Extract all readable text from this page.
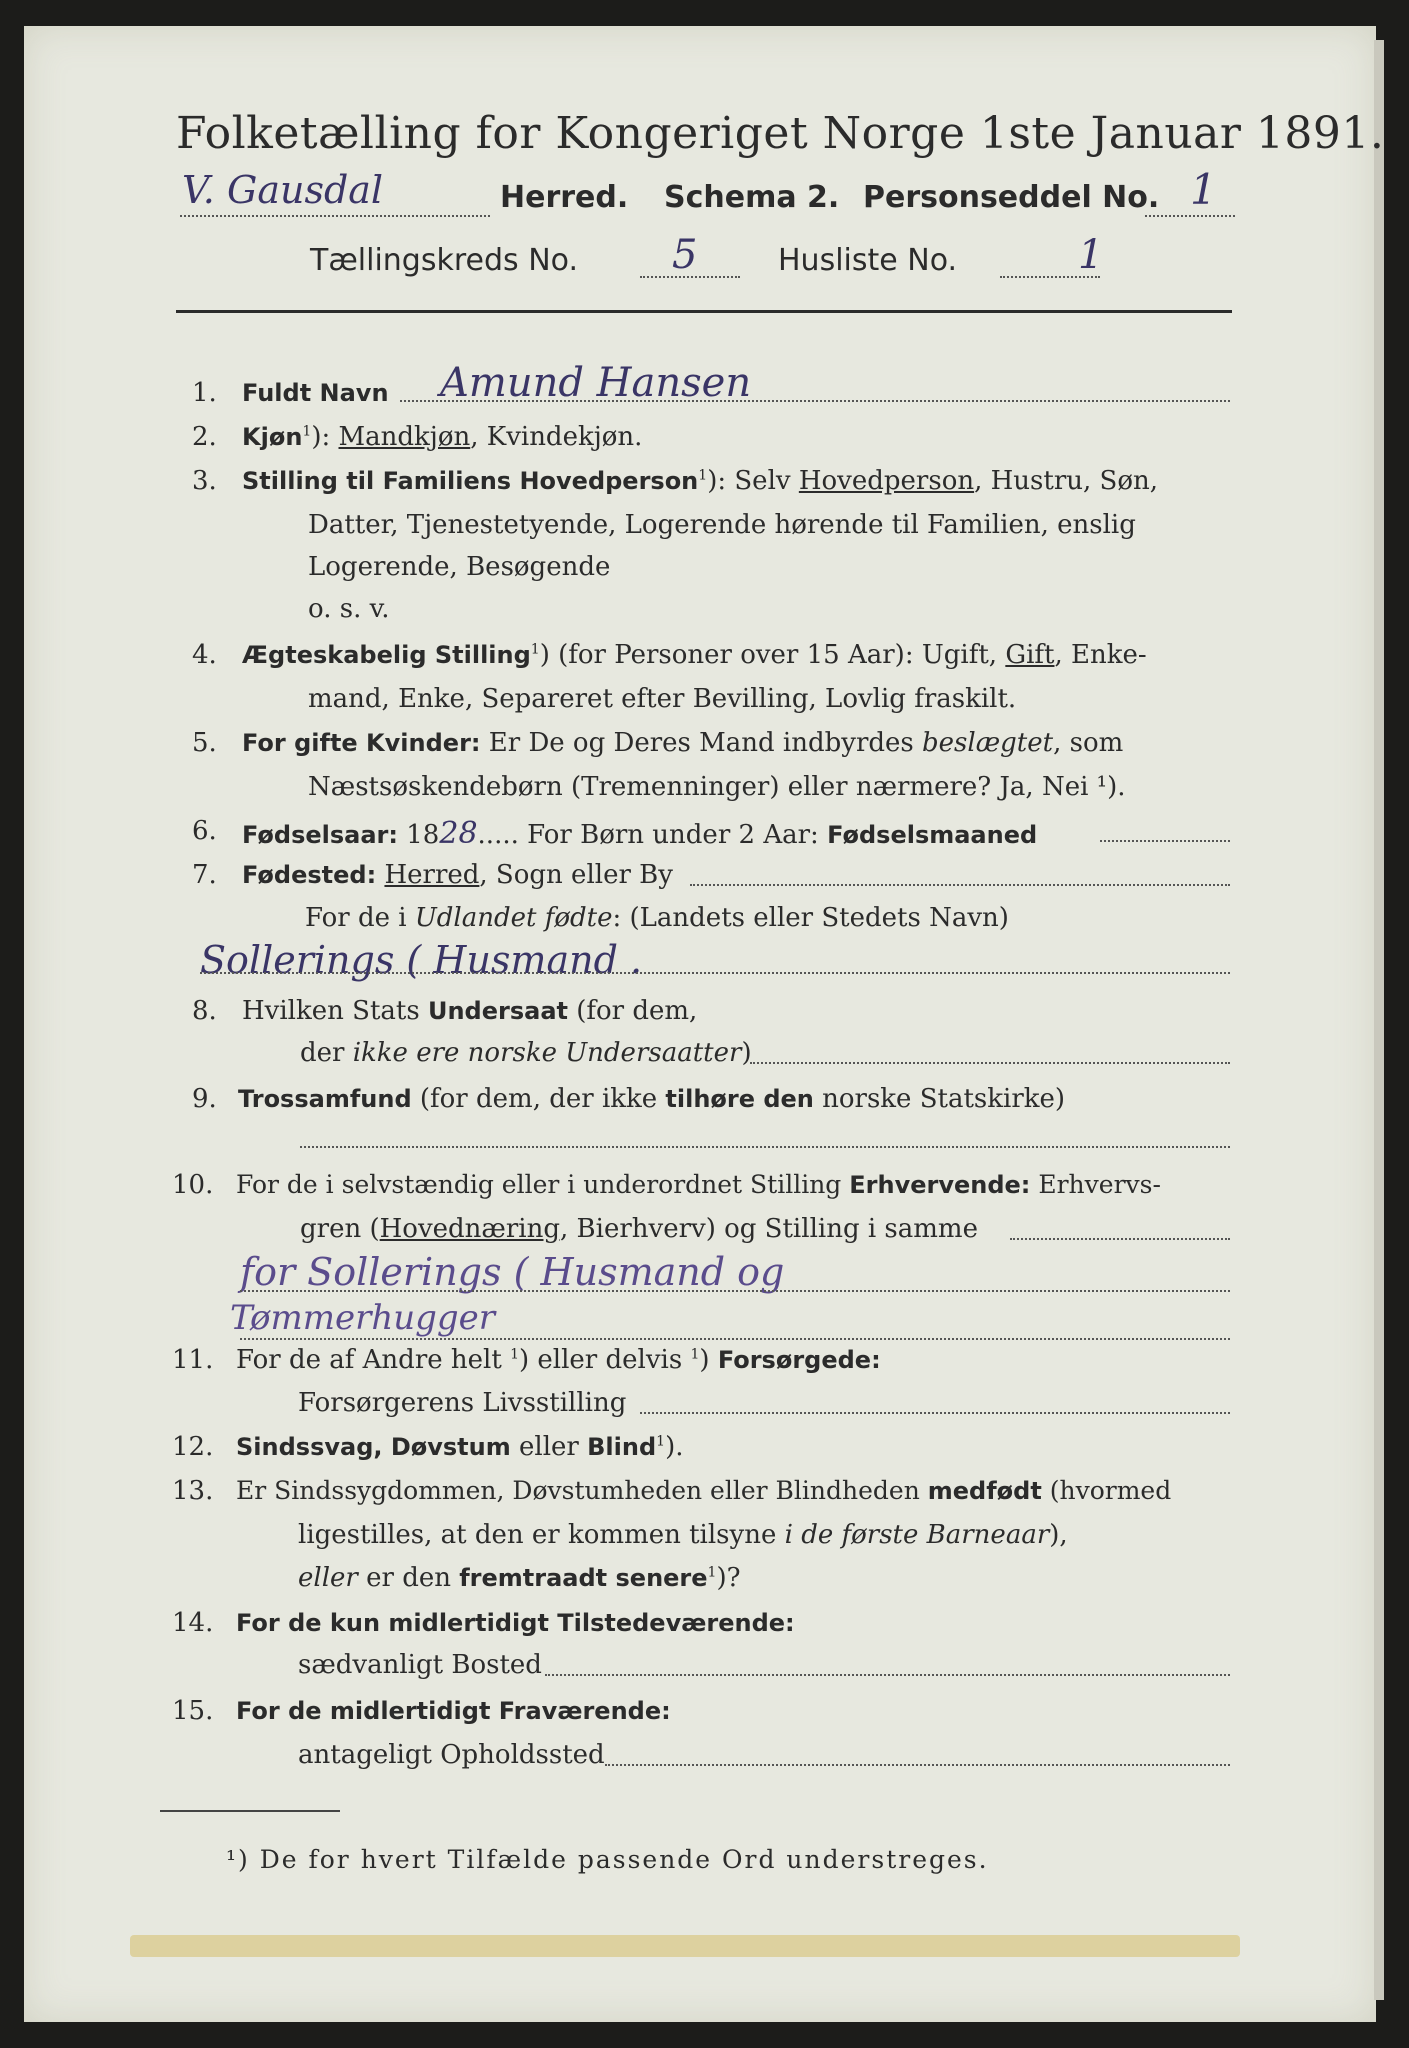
Folketælling for Kongeriget Norge 1ste Januar 1891.
V. Gausdal	Herred. Schema 2. Personseddel No. 1
Tællingskreds No. 5	Husliste No.	1
1. Fuldt Navn Amund Hansen
2. Kjøn$^1$): Mandkjøn, Kvindekjøn.
3. Stilling til Familiens Hovedperson$^1$): Selv Hovedperson, Hustru, Søn,
Datter, Tjenestetyende, Logerende hørende til Familien, enslig
Logerende, Besøgende
o. s. v.
4. Ægteskabelig Stilling$^1$) (for Personer over 15 Aar): Ugift, Gift, Enke-
mand, Enke, Separeret efter Bevilling, Lovlig fraskilt.
5. For gifte Kvinder: Er De og Deres Mand indbyrdes beslægtet, som
Næstsøskendebørn (Tremenninger) eller nærmere? Ja, Nei ¹).
6. Fødselsaar: 1828..... For Børn under 2 Aar: Fødselsmaaned
7. Fødested: Herred, Sogn eller By
For de i Udlandet fødte: (Landets eller Stedets Navn)
Sollerings ( Husmand .
8. Hvilken Stats Undersaat (for dem,
der ikke ere norske Undersaatter)
9. Trossamfund (for dem, der ikke tilhøre den norske Statskirke)
10. For de i selvstændig eller i underordnet Stilling Erhvervende: Erhvervs-
gren (Hovednæring, Bierhverv) og Stilling i samme
for Sollerings ( Husmand og
Tømmerhugger
11. For de af Andre helt $^1$) eller delvis $^1$) Forsørgede:
Forsørgerens Livsstilling
12. Sindssvag, Døvstum eller Blind$^1$).
13. Er Sindssygdommen, Døvstumheden eller Blindheden medfødt (hvormed
ligestilles, at den er kommen tilsyne i de første Barneaar),
eller er den fremtraadt senere$^1$)?
14. For de kun midlertidigt Tilstedeværende:
sædvanligt Bosted
15. For de midlertidigt Fraværende:
antageligt Opholdssted
¹) De for hvert Tilfælde passende Ord understreges.
